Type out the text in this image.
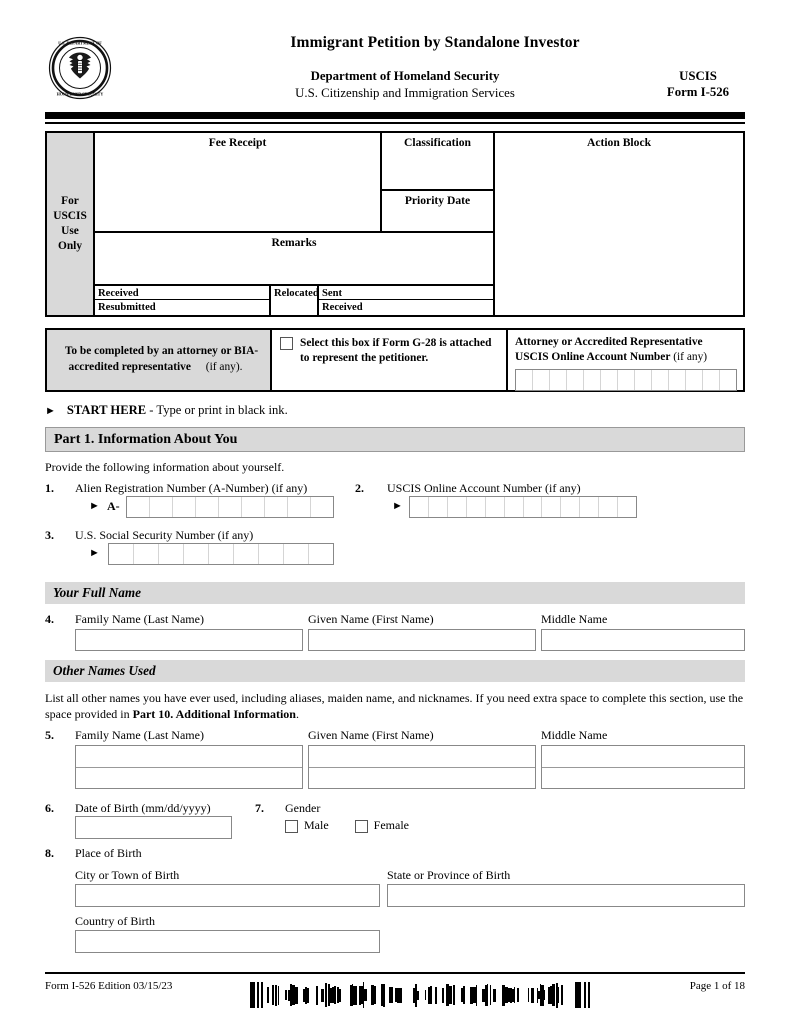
U.S. DEPARTMENT OF
HOMELAND SECURITY
Immigrant Petition by Standalone Investor
Department of Homeland Security
U.S. Citizenship and Immigration Services
USCIS
Form I-526
For
USCIS
Use
Only
Fee Receipt	Classification
Priority Date
Remarks
Action Block
Received
Resubmitted
Relocated Sent
Received
To be completed by an attorney or BIA-accredited representative (if any).
Select this box if Form G-28 is attached to represent the petitioner.
Attorney or Accredited Representative USCIS Online Account Number (if any)
► START HERE - Type or print in black ink.
Part 1. Information About You
Provide the following information about yourself.
1. Alien Registration Number (A-Number) (if any)
► A-
2. USCIS Online Account Number (if any)
►
3. U.S. Social Security Number (if any)
►
Your Full Name
4. Family Name (Last Name)	Given Name (First Name)	Middle Name
Other Names Used
List all other names you have ever used, including aliases, maiden name, and nicknames. If you need extra space to complete this section, use the space provided in Part 10. Additional Information.
5. Family Name (Last Name)	Given Name (First Name)	Middle Name
6. Date of Birth (mm/dd/yyyy)	7. Gender
Male	Female
8. Place of Birth
City or Town of Birth	State or Province of Birth
Country of Birth
Form I-526 Edition 03/15/23	Page 1 of 18
